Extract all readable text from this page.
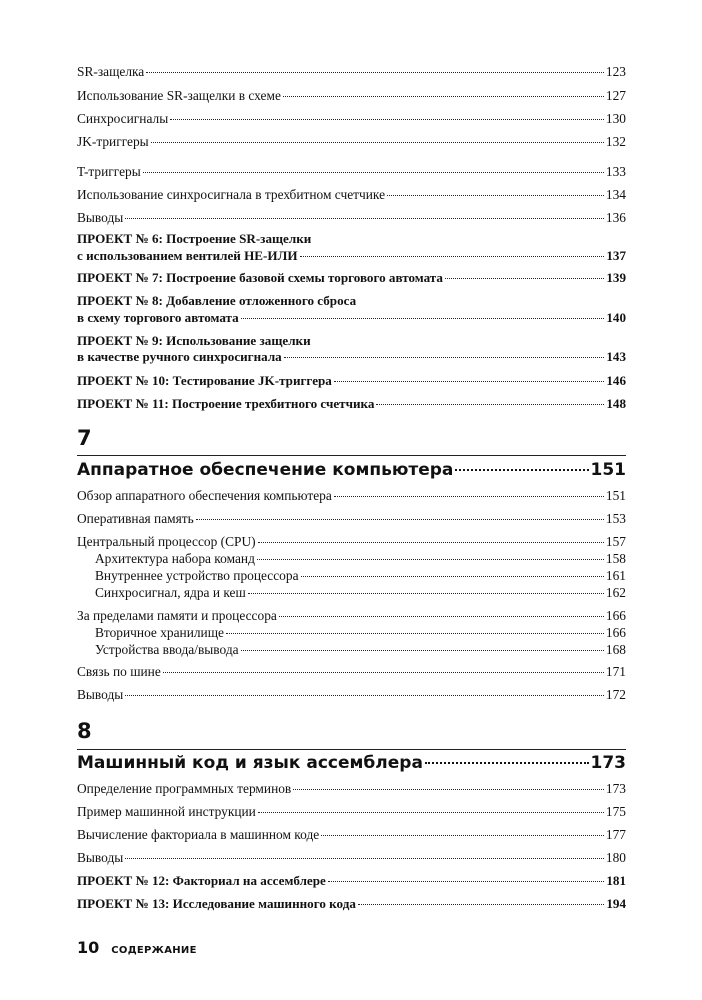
SR-защелка	123
Использование SR-защелки в схеме	127
Синхросигналы	130
JK-триггеры	132
T-триггеры	133
Использование синхросигнала в трехбитном счетчике	134
Выводы	136
ПРОЕКТ № 6: Построение SR-защелки
с использованием вентилей НЕ-ИЛИ	137
ПРОЕКТ № 7: Построение базовой схемы торгового автомата	139
ПРОЕКТ № 8: Добавление отложенного сброса
в схему торгового автомата	140
ПРОЕКТ № 9: Использование защелки
в качестве ручного синхросигнала	143
ПРОЕКТ № 10: Тестирование JK-триггера	146
ПРОЕКТ № 11: Построение трехбитного счетчика	148
7
Аппаратное обеспечение компьютера	151
Обзор аппаратного обеспечения компьютера	151
Оперативная память	153
Центральный процессор (CPU)	157
Архитектура набора команд	158
Внутреннее устройство процессора	161
Синхросигнал, ядра и кеш	162
За пределами памяти и процессора	166
Вторичное хранилище	166
Устройства ввода/вывода	168
Связь по шине	171
Выводы	172
8
Машинный код и язык ассемблера	173
Определение программных терминов	173
Пример машинной инструкции	175
Вычисление факториала в машинном коде	177
Выводы	180
ПРОЕКТ № 12: Факториал на ассемблере	181
ПРОЕКТ № 13: Исследование машинного кода	194
10 СОДЕРЖАНИЕ
